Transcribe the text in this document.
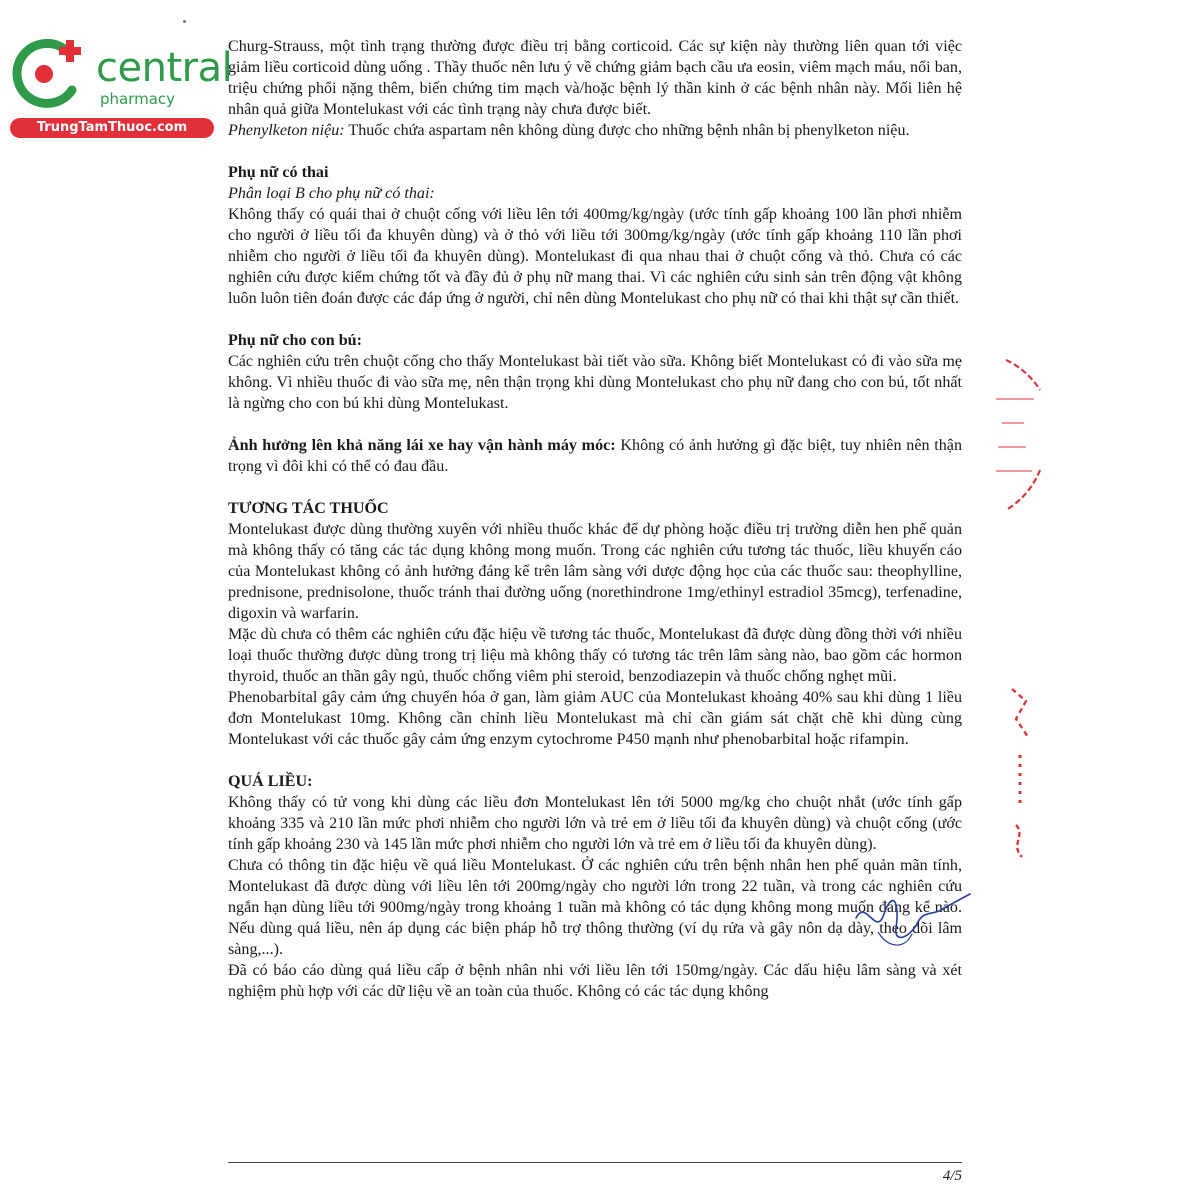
central
pharmacy
TrungTamThuoc.com

Churg-Strauss, một tình trạng thường được điều trị bằng corticoid. Các sự kiện này thường liên quan tới việc giảm liều corticoid dùng uống . Thầy thuốc nên lưu ý về chứng giảm bạch cầu ưa eosin, viêm mạch máu, nổi ban, triệu chứng phổi nặng thêm, biến chứng tim mạch và/hoặc bệnh lý thần kinh ở các bệnh nhân này. Mối liên hệ nhân quả giữa Montelukast với các tình trạng này chưa được biết.

Phenylketon niệu: Thuốc chứa aspartam nên không dùng được cho những bệnh nhân bị phenylketon niệu.

Phụ nữ có thai

Phân loại B cho phụ nữ có thai:

Không thấy có quái thai ở chuột cống với liều lên tới 400mg/kg/ngày (ước tính gấp khoảng 100 lần phơi nhiễm cho người ở liều tối đa khuyên dùng) và ở thỏ với liều tới 300mg/kg/ngày (ước tính gấp khoảng 110 lần phơi nhiễm cho người ở liều tối đa khuyên dùng). Montelukast đi qua nhau thai ở chuột cống và thỏ. Chưa có các nghiên cứu được kiểm chứng tốt và đầy đủ ở phụ nữ mang thai. Vì các nghiên cứu sinh sản trên động vật không luôn luôn tiên đoán được các đáp ứng ở người, chỉ nên dùng Montelukast cho phụ nữ có thai khi thật sự cần thiết.

Phụ nữ cho con bú:

Các nghiên cứu trên chuột cống cho thấy Montelukast bài tiết vào sữa. Không biết Montelukast có đi vào sữa mẹ không. Vì nhiều thuốc đi vào sữa mẹ, nên thận trọng khi dùng Montelukast cho phụ nữ đang cho con bú, tốt nhất là ngừng cho con bú khi dùng Montelukast.

Ảnh hưởng lên khả năng lái xe hay vận hành máy móc: Không có ảnh hưởng gì đặc biệt, tuy nhiên nên thận trọng vì đôi khi có thể có đau đầu.

TƯƠNG TÁC THUỐC

Montelukast được dùng thường xuyên với nhiều thuốc khác để dự phòng hoặc điều trị trường diễn hen phế quản mà không thấy có tăng các tác dụng không mong muốn. Trong các nghiên cứu tương tác thuốc, liều khuyến cáo của Montelukast không có ảnh hưởng đáng kể trên lâm sàng với dược động học của các thuốc sau: theophylline, prednisone, prednisolone, thuốc tránh thai đường uống (norethindrone 1mg/ethinyl estradiol 35mcg), terfenadine, digoxin và warfarin.

Mặc dù chưa có thêm các nghiên cứu đặc hiệu về tương tác thuốc, Montelukast đã được dùng đồng thời với nhiều loại thuốc thường được dùng trong trị liệu mà không thấy có tương tác trên lâm sàng nào, bao gồm các hormon thyroid, thuốc an thần gây ngủ, thuốc chống viêm phi steroid, benzodiazepin và thuốc chống nghẹt mũi.

Phenobarbital gây cảm ứng chuyển hóa ở gan, làm giảm AUC của Montelukast khoảng 40% sau khi dùng 1 liều đơn Montelukast 10mg. Không cần chỉnh liều Montelukast mà chỉ cần giám sát chặt chẽ khi dùng cùng Montelukast với các thuốc gây cảm ứng enzym cytochrome P450 mạnh như phenobarbital hoặc rifampin.

QUÁ LIỀU:

Không thấy có tử vong khi dùng các liều đơn Montelukast lên tới 5000 mg/kg cho chuột nhắt (ước tính gấp khoảng 335 và 210 lần mức phơi nhiễm cho người lớn và trẻ em ở liều tối đa khuyên dùng) và chuột cống (ước tính gấp khoảng 230 và 145 lần mức phơi nhiễm cho người lớn và trẻ em ở liều tối đa khuyên dùng).

Chưa có thông tin đặc hiệu về quá liều Montelukast. Ở các nghiên cứu trên bệnh nhân hen phế quản mãn tính, Montelukast đã được dùng với liều lên tới 200mg/ngày cho người lớn trong 22 tuần, và trong các nghiên cứu ngắn hạn dùng liều tới 900mg/ngày trong khoảng 1 tuần mà không có tác dụng không mong muốn đáng kể nào. Nếu dùng quá liều, nên áp dụng các biện pháp hỗ trợ thông thường (ví dụ rửa và gây nôn dạ dày, theo dõi lâm sàng,...).

Đã có báo cáo dùng quá liều cấp ở bệnh nhân nhi với liều lên tới 150mg/ngày. Các dấu hiệu lâm sàng và xét nghiệm phù hợp với các dữ liệu về an toàn của thuốc. Không có các tác dụng không

4/5
